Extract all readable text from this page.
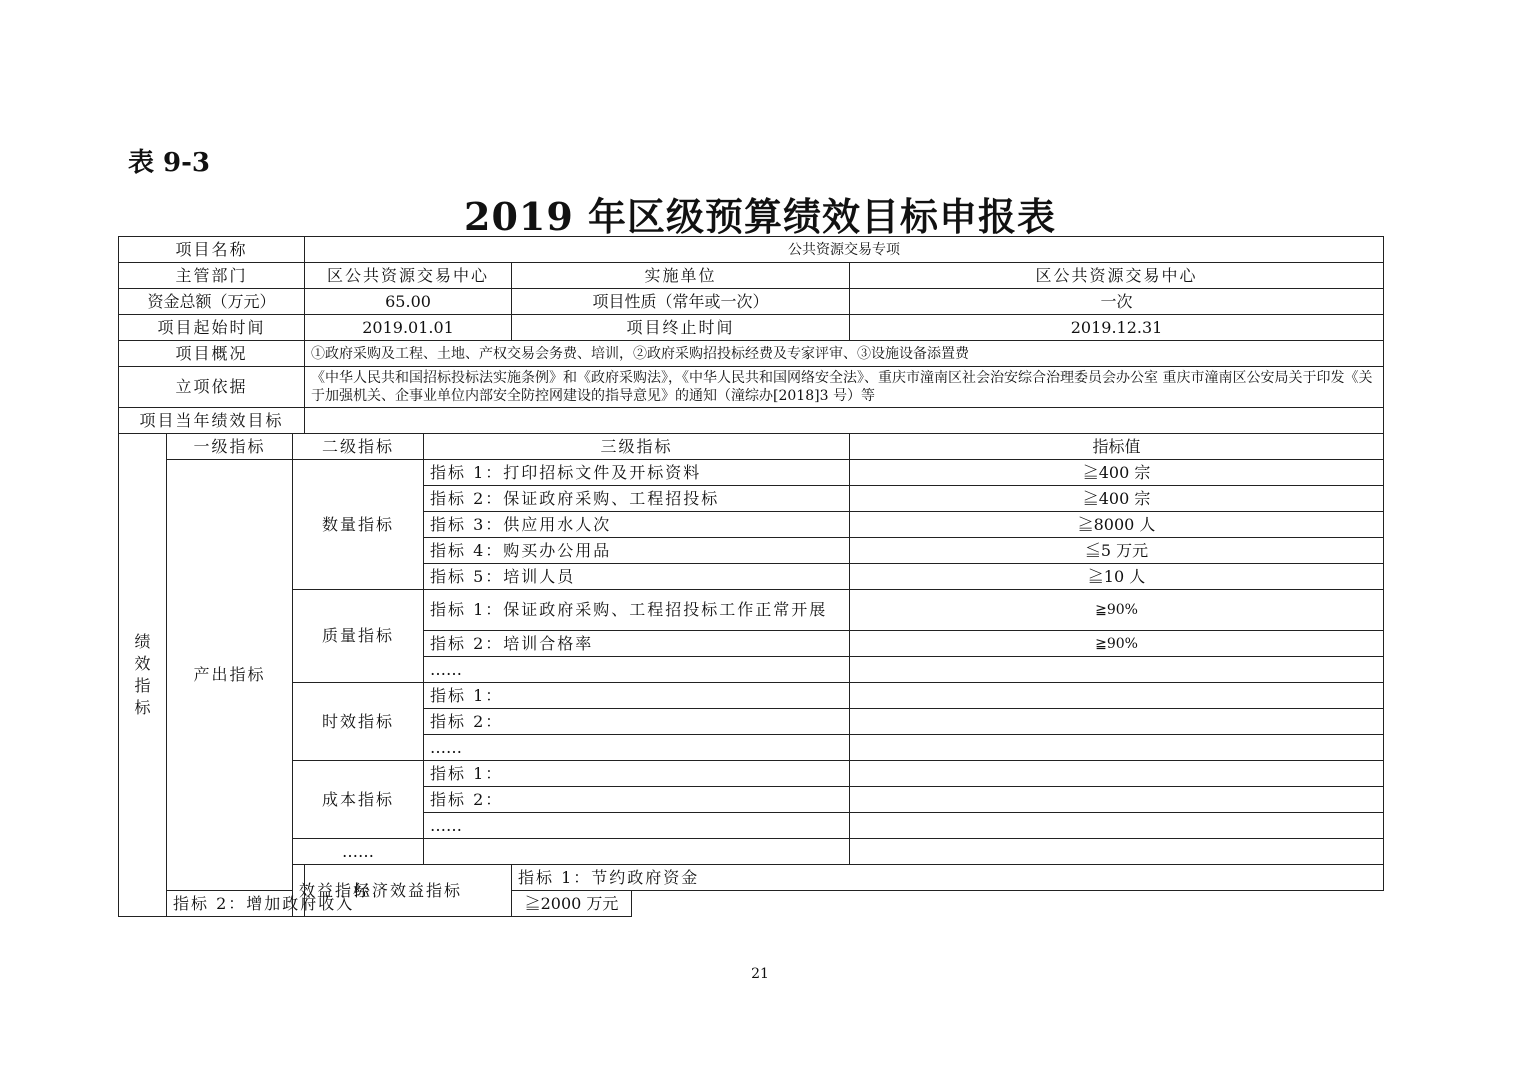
表 9-3
2019 年区级预算绩效目标申报表
项目名称			公共资源交易专项				
主管部门			区公共资源交易中心		实施单位	区公共资源交易中心	
资金总额（万元）			65.00		项目性质（常年或一次）	一次	
项目起始时间			2019.01.01		项目终止时间	2019.12.31	
项目概况			①政府采购及工程、土地、产权交易会务费、培训，②政府采购招投标经费及专家评审、③设施设备添置费				
立项依据			《中华人民共和国招标投标法实施条例》和《政府采购法》，《中华人民共和国网络安全法》、重庆市潼南区社会治安综合治理委员会办公室 重庆市潼南区公安局关于印发《关于加强机关、企事业单位内部安全防控网建设的指导意见》的通知（潼综办[2018]3 号）等				
项目当年绩效目标							

绩效指标	一级指标	二级指标		三级指标		指标值	
	产出指标	数量指标		指标 1：打印招标文件及开标资料		≧400 宗	
				指标 2：保证政府采购、工程招投标		≧400 宗	
				指标 3：供应用水人次		≧8000 人	
				指标 4：购买办公用品		≦5 万元	
				指标 5：培训人员		≧10 人	
		质量指标		指标 1：保证政府采购、工程招投标工作正常开展		≧90%	
				指标 2：培训合格率		≧90%	
				……			
		时效指标		指标 1：			
				指标 2：			
				……			
		成本指标		指标 1：			
				指标 2：			
				……			
		……					
		效益指标	经济效益指标		指标 1：节约政府资金	
	指标 2：增加政府收入				≧2000 万元		
21
